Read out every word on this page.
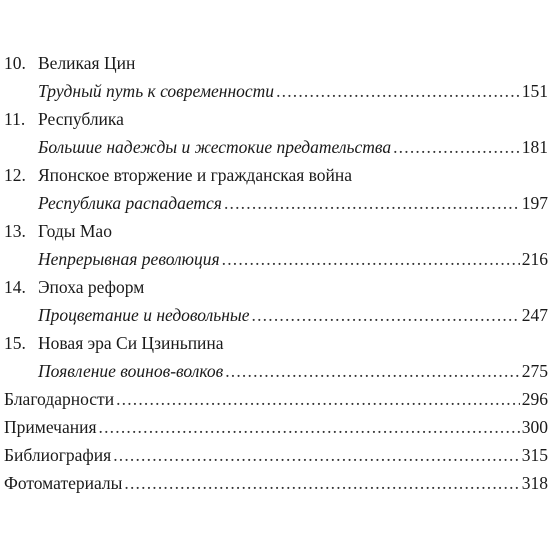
10. Великая Цин
Трудный путь к современности .....	151
11. Республика
Большие надежды и жестокие предательства .....	181
12. Японское вторжение и гражданская война
Республика распадается .....	197
13. Годы Мао
Непрерывная революция .....	216
14. Эпоха реформ
Процветание и недовольные .....	247
15. Новая эра Си Цзиньпина
Появление воинов-волков .....	275
Благодарности .....	296
Примечания .....	300
Библиография .....	315
Фотоматериалы .....	318
